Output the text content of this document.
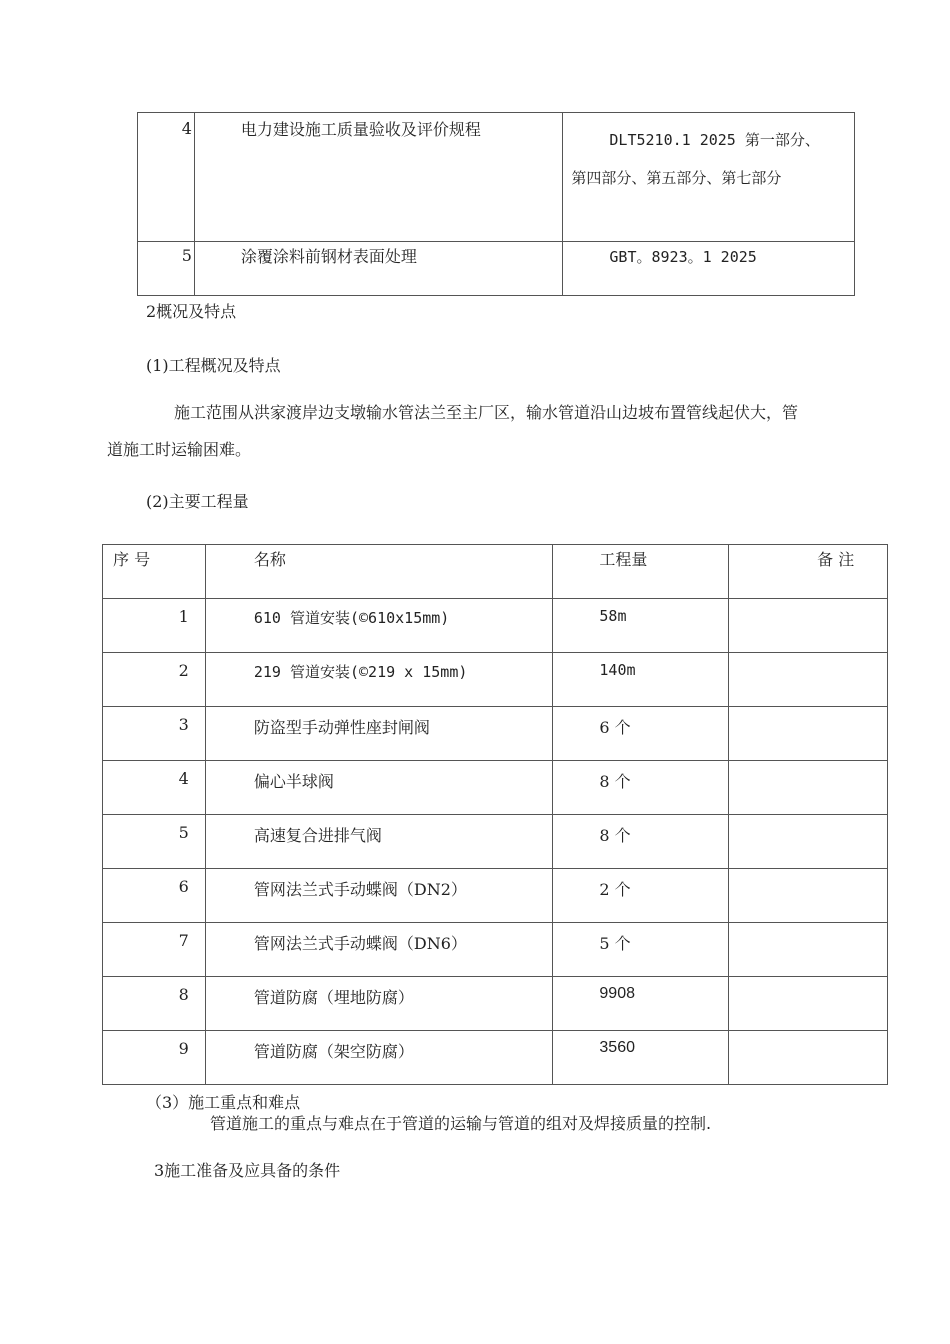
4	电力建设施工质量验收及评价规程	DLT5210.1 2025 第一部分、
第四部分、第五部分、第七部分

5	涂覆涂料前钢材表面处理	GBT。8923。1 2025
2概况及特点
(1)工程概况及特点
施工范围从洪家渡岸边支墩输水管法兰至主厂区，输水管道沿山边坡布置管线起伏大，管
道施工时运输困难。
(2)主要工程量
序 号	名称	工程量	备 注

1	610 管道安装(©610x15mm)	58m	

2	219 管道安装(©219 x 15mm)	140m	

3	防盗型手动弹性座封闸阀	6 个	

4	偏心半球阀	8 个	

5	高速复合进排气阀	8 个	

6	管网法兰式手动蝶阀（DN2）	2 个	

7	管网法兰式手动蝶阀（DN6）	5 个	

8	管道防腐（埋地防腐）	9908	

9	管道防腐（架空防腐）	3560	

（3）施工重点和难点
管道施工的重点与难点在于管道的运输与管道的组对及焊接质量的控制.
3施工准备及应具备的条件
